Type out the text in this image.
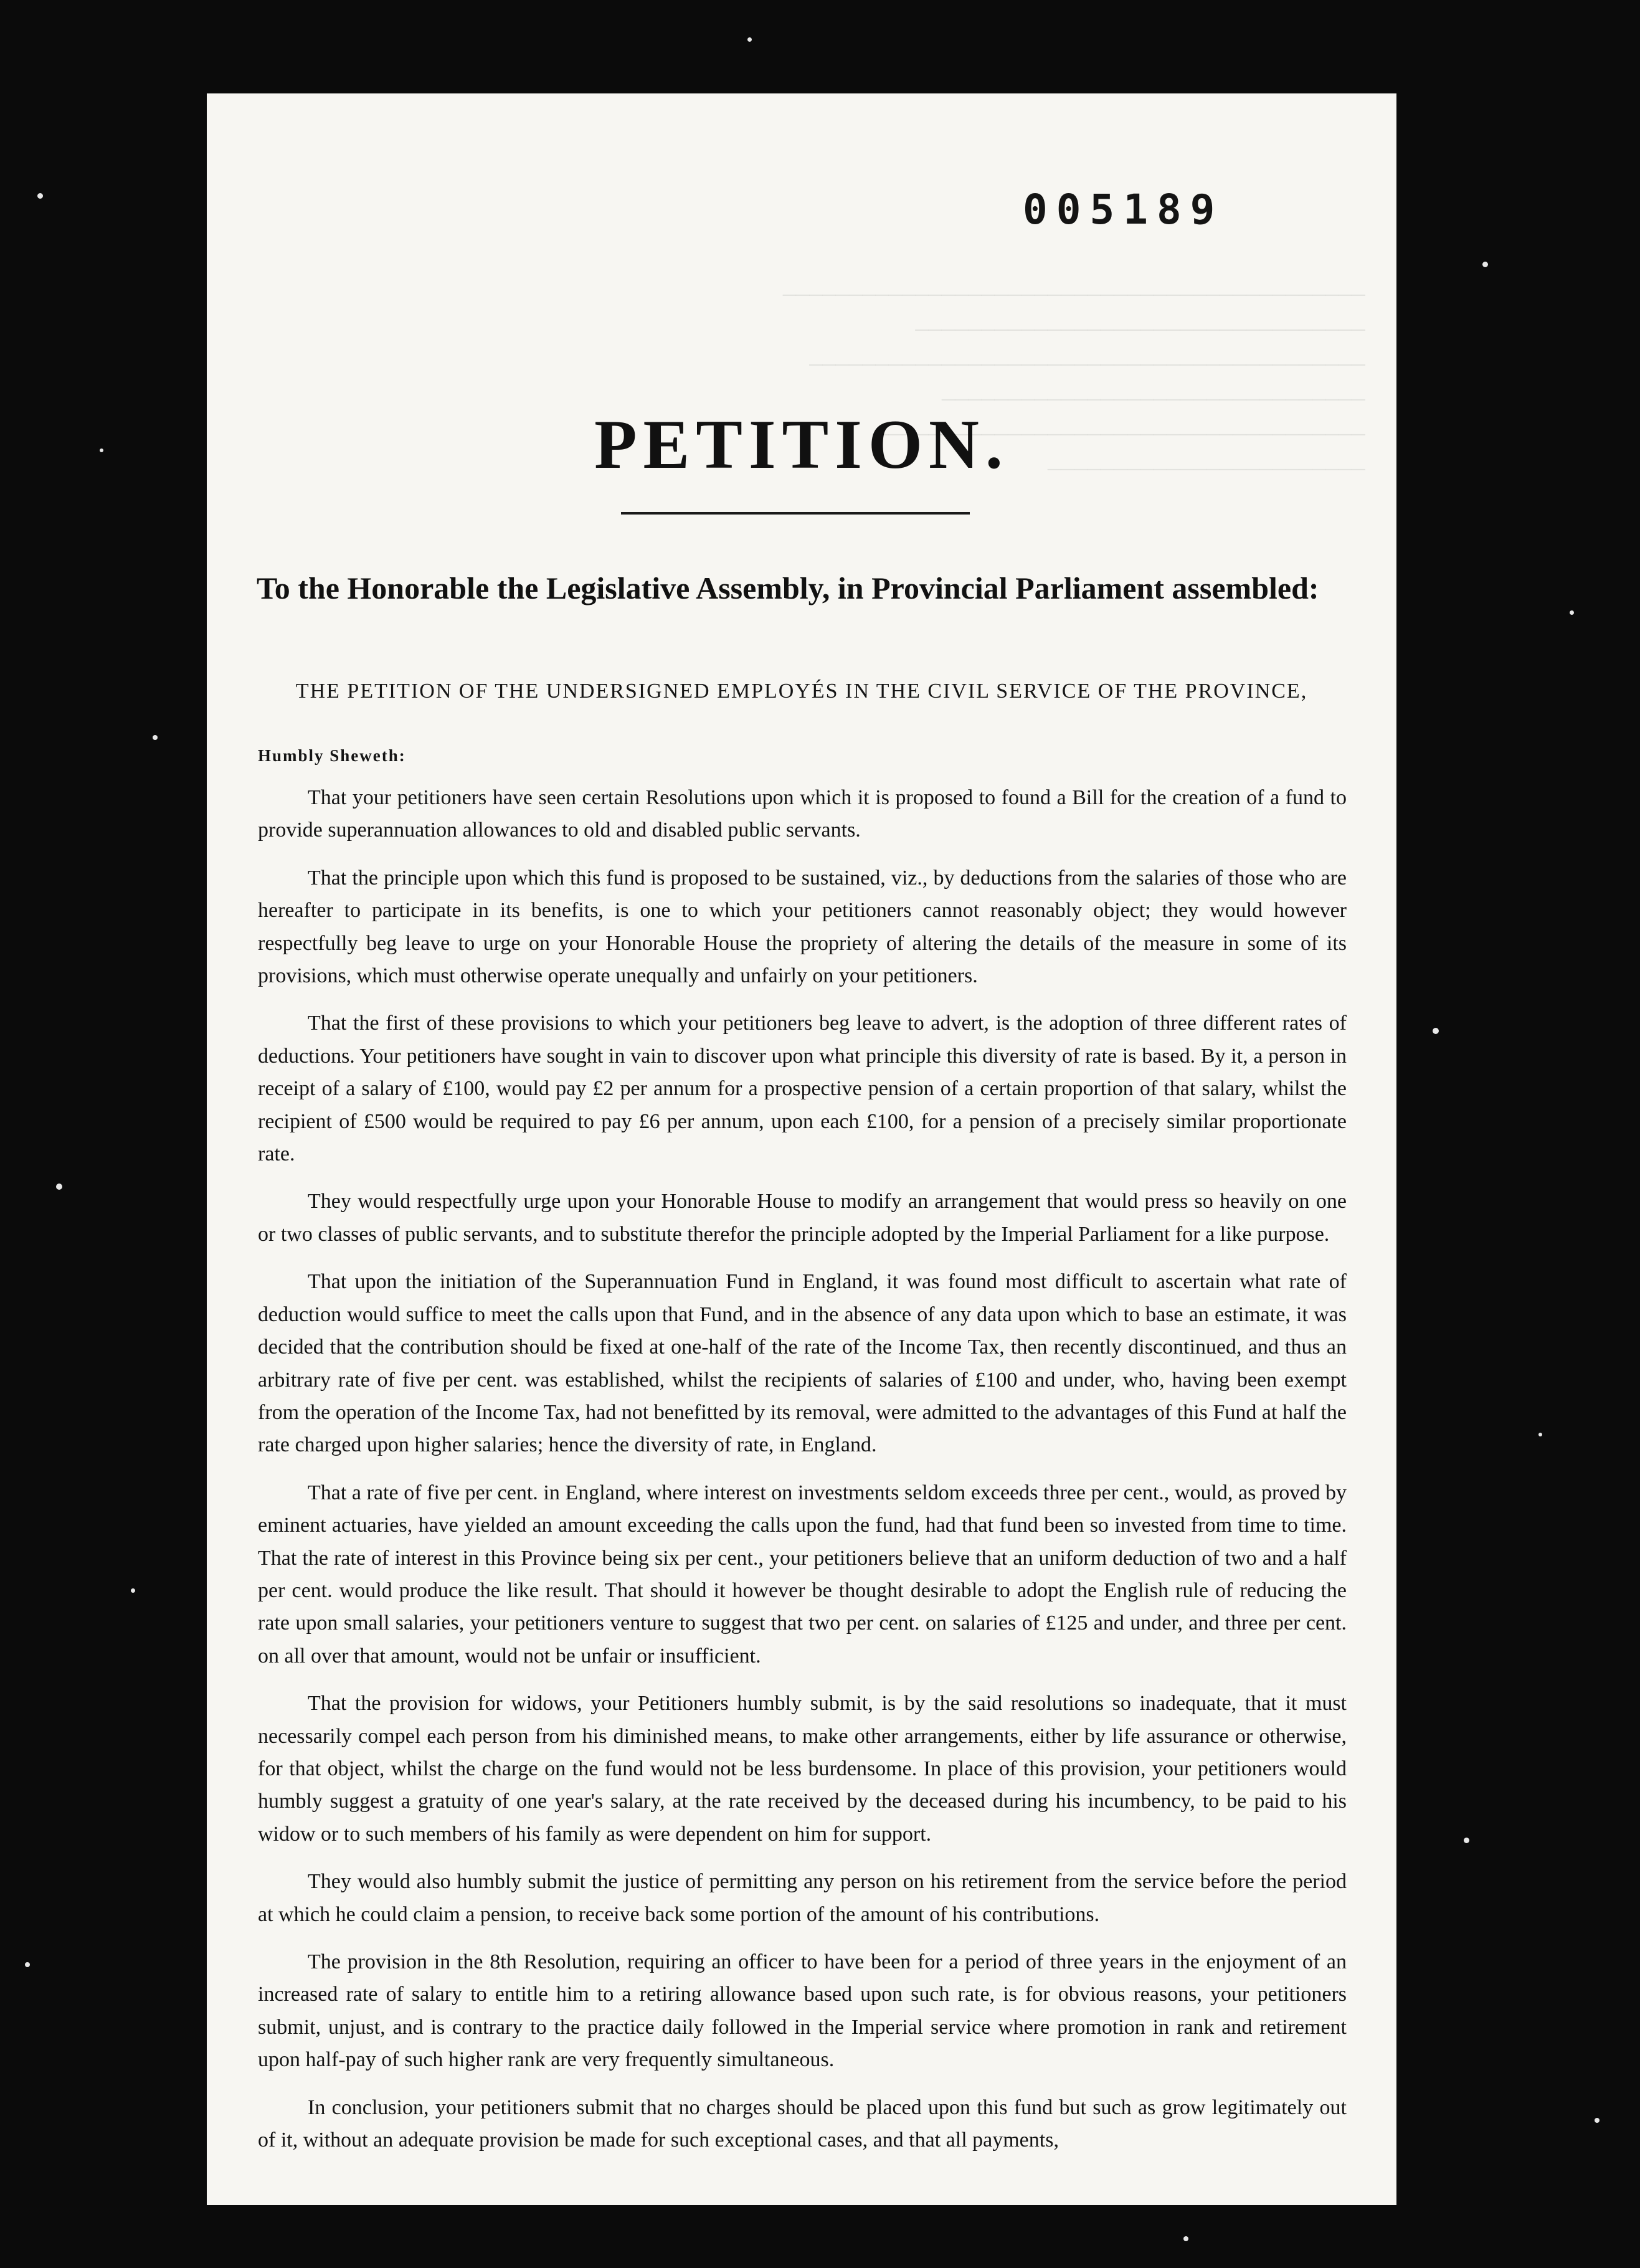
────────────────────────────────────────────
──────────────────────────────────
──────────────────────────────────────────
────────────────────────────────
─────────────────────────────────────
────────────────────────

005189
PETITION.
To the Honorable the Legislative Assembly, in Provincial Parliament assembled:
THE PETITION OF THE UNDERSIGNED EMPLOYÉS IN THE CIVIL SERVICE OF THE PROVINCE,
Humbly Sheweth:

That your petitioners have seen certain Resolutions upon which it is proposed to found a Bill for the creation of a fund to provide superannuation allowances to old and disabled public servants.

That the principle upon which this fund is proposed to be sustained, viz., by deductions from the salaries of those who are hereafter to participate in its benefits, is one to which your petitioners cannot reasonably object; they would however respectfully beg leave to urge on your Honorable House the propriety of altering the details of the measure in some of its provisions, which must otherwise operate unequally and unfairly on your petitioners.

That the first of these provisions to which your petitioners beg leave to advert, is the adoption of three different rates of deductions. Your petitioners have sought in vain to discover upon what principle this diversity of rate is based. By it, a person in receipt of a salary of £100, would pay £2 per annum for a prospective pension of a certain proportion of that salary, whilst the recipient of £500 would be required to pay £6 per annum, upon each £100, for a pension of a precisely similar proportionate rate.

They would respectfully urge upon your Honorable House to modify an arrangement that would press so heavily on one or two classes of public servants, and to substitute therefor the principle adopted by the Imperial Parliament for a like purpose.

That upon the initiation of the Superannuation Fund in England, it was found most difficult to ascertain what rate of deduction would suffice to meet the calls upon that Fund, and in the absence of any data upon which to base an estimate, it was decided that the contribution should be fixed at one-half of the rate of the Income Tax, then recently discontinued, and thus an arbitrary rate of five per cent. was established, whilst the recipients of salaries of £100 and under, who, having been exempt from the operation of the Income Tax, had not benefitted by its removal, were admitted to the advantages of this Fund at half the rate charged upon higher salaries; hence the diversity of rate, in England.

That a rate of five per cent. in England, where interest on investments seldom exceeds three per cent., would, as proved by eminent actuaries, have yielded an amount exceeding the calls upon the fund, had that fund been so invested from time to time. That the rate of interest in this Province being six per cent., your petitioners believe that an uniform deduction of two and a half per cent. would produce the like result. That should it however be thought desirable to adopt the English rule of reducing the rate upon small salaries, your petitioners venture to suggest that two per cent. on salaries of £125 and under, and three per cent. on all over that amount, would not be unfair or insufficient.

That the provision for widows, your Petitioners humbly submit, is by the said resolutions so inadequate, that it must necessarily compel each person from his diminished means, to make other arrangements, either by life assurance or otherwise, for that object, whilst the charge on the fund would not be less burdensome. In place of this provision, your petitioners would humbly suggest a gratuity of one year's salary, at the rate received by the deceased during his incumbency, to be paid to his widow or to such members of his family as were dependent on him for support.

They would also humbly submit the justice of permitting any person on his retirement from the service before the period at which he could claim a pension, to receive back some portion of the amount of his contributions.

The provision in the 8th Resolution, requiring an officer to have been for a period of three years in the enjoyment of an increased rate of salary to entitle him to a retiring allowance based upon such rate, is for obvious reasons, your petitioners submit, unjust, and is contrary to the practice daily followed in the Imperial service where promotion in rank and retirement upon half-pay of such higher rank are very frequently simultaneous.

In conclusion, your petitioners submit that no charges should be placed upon this fund but such as grow legitimately out of it, without an adequate provision be made for such exceptional cases, and that all payments,
